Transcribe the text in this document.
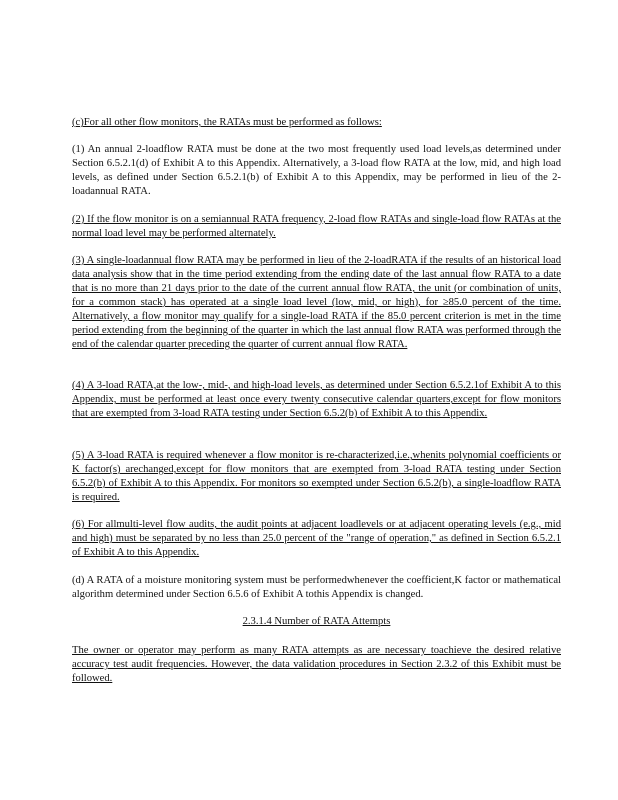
(c)For all other flow monitors, the RATAs must be performed as follows:

(1) An annual 2-loadflow RATA must be done at the two most frequently used load levels,as determined under Section 6.5.2.1(d) of Exhibit A to this Appendix. Alternatively, a 3-load flow RATA at the low, mid, and high load levels, as defined under Section 6.5.2.1(b) of Exhibit A to this Appendix, may be performed in lieu of the 2-loadannual RATA.

(2) If the flow monitor is on a semiannual RATA frequency, 2-load flow RATAs and single-load flow RATAs at the normal load level may be performed alternately.

(3) A single-loadannual flow RATA may be performed in lieu of the 2-loadRATA if the results of an historical load data analysis show that in the time period extending from the ending date of the last annual flow RATA to a date that is no more than 21 days prior to the date of the current annual flow RATA, the unit (or combination of units, for a common stack) has operated at a single load level (low, mid, or high), for ≥85.0 percent of the time. Alternatively, a flow monitor may qualify for a single-load RATA if the 85.0 percent criterion is met in the time period extending from the beginning of the quarter in which the last annual flow RATA was performed through the end of the calendar quarter preceding the quarter of current annual flow RATA.

(4) A 3-load RATA,at the low-, mid-, and high-load levels, as determined under Section 6.5.2.1of Exhibit A to this Appendix, must be performed at least once every twenty consecutive calendar quarters,except for flow monitors that are exempted from 3-load RATA testing under Section 6.5.2(b) of Exhibit A to this Appendix.

(5) A 3-load RATA is required whenever a flow monitor is re-characterized,i.e.,whenits polynomial coefficients or K factor(s) arechanged,except for flow monitors that are exempted from 3-load RATA testing under Section 6.5.2(b) of Exhibit A to this Appendix. For monitors so exempted under Section 6.5.2(b), a single-loadflow RATA is required.

(6) For allmulti-level flow audits, the audit points at adjacent loadlevels or at adjacent operating levels (e.g., mid and high) must be separated by no less than 25.0 percent of the "range of operation," as defined in Section 6.5.2.1 of Exhibit A to this Appendix.

(d) A RATA of a moisture monitoring system must be performedwhenever the coefficient,K factor or mathematical algorithm determined under Section 6.5.6 of Exhibit A tothis Appendix is changed.

2.3.1.4 Number of RATA Attempts

The owner or operator may perform as many RATA attempts as are necessary toachieve the desired relative accuracy test audit frequencies. However, the data validation procedures in Section 2.3.2 of this Exhibit must be followed.
